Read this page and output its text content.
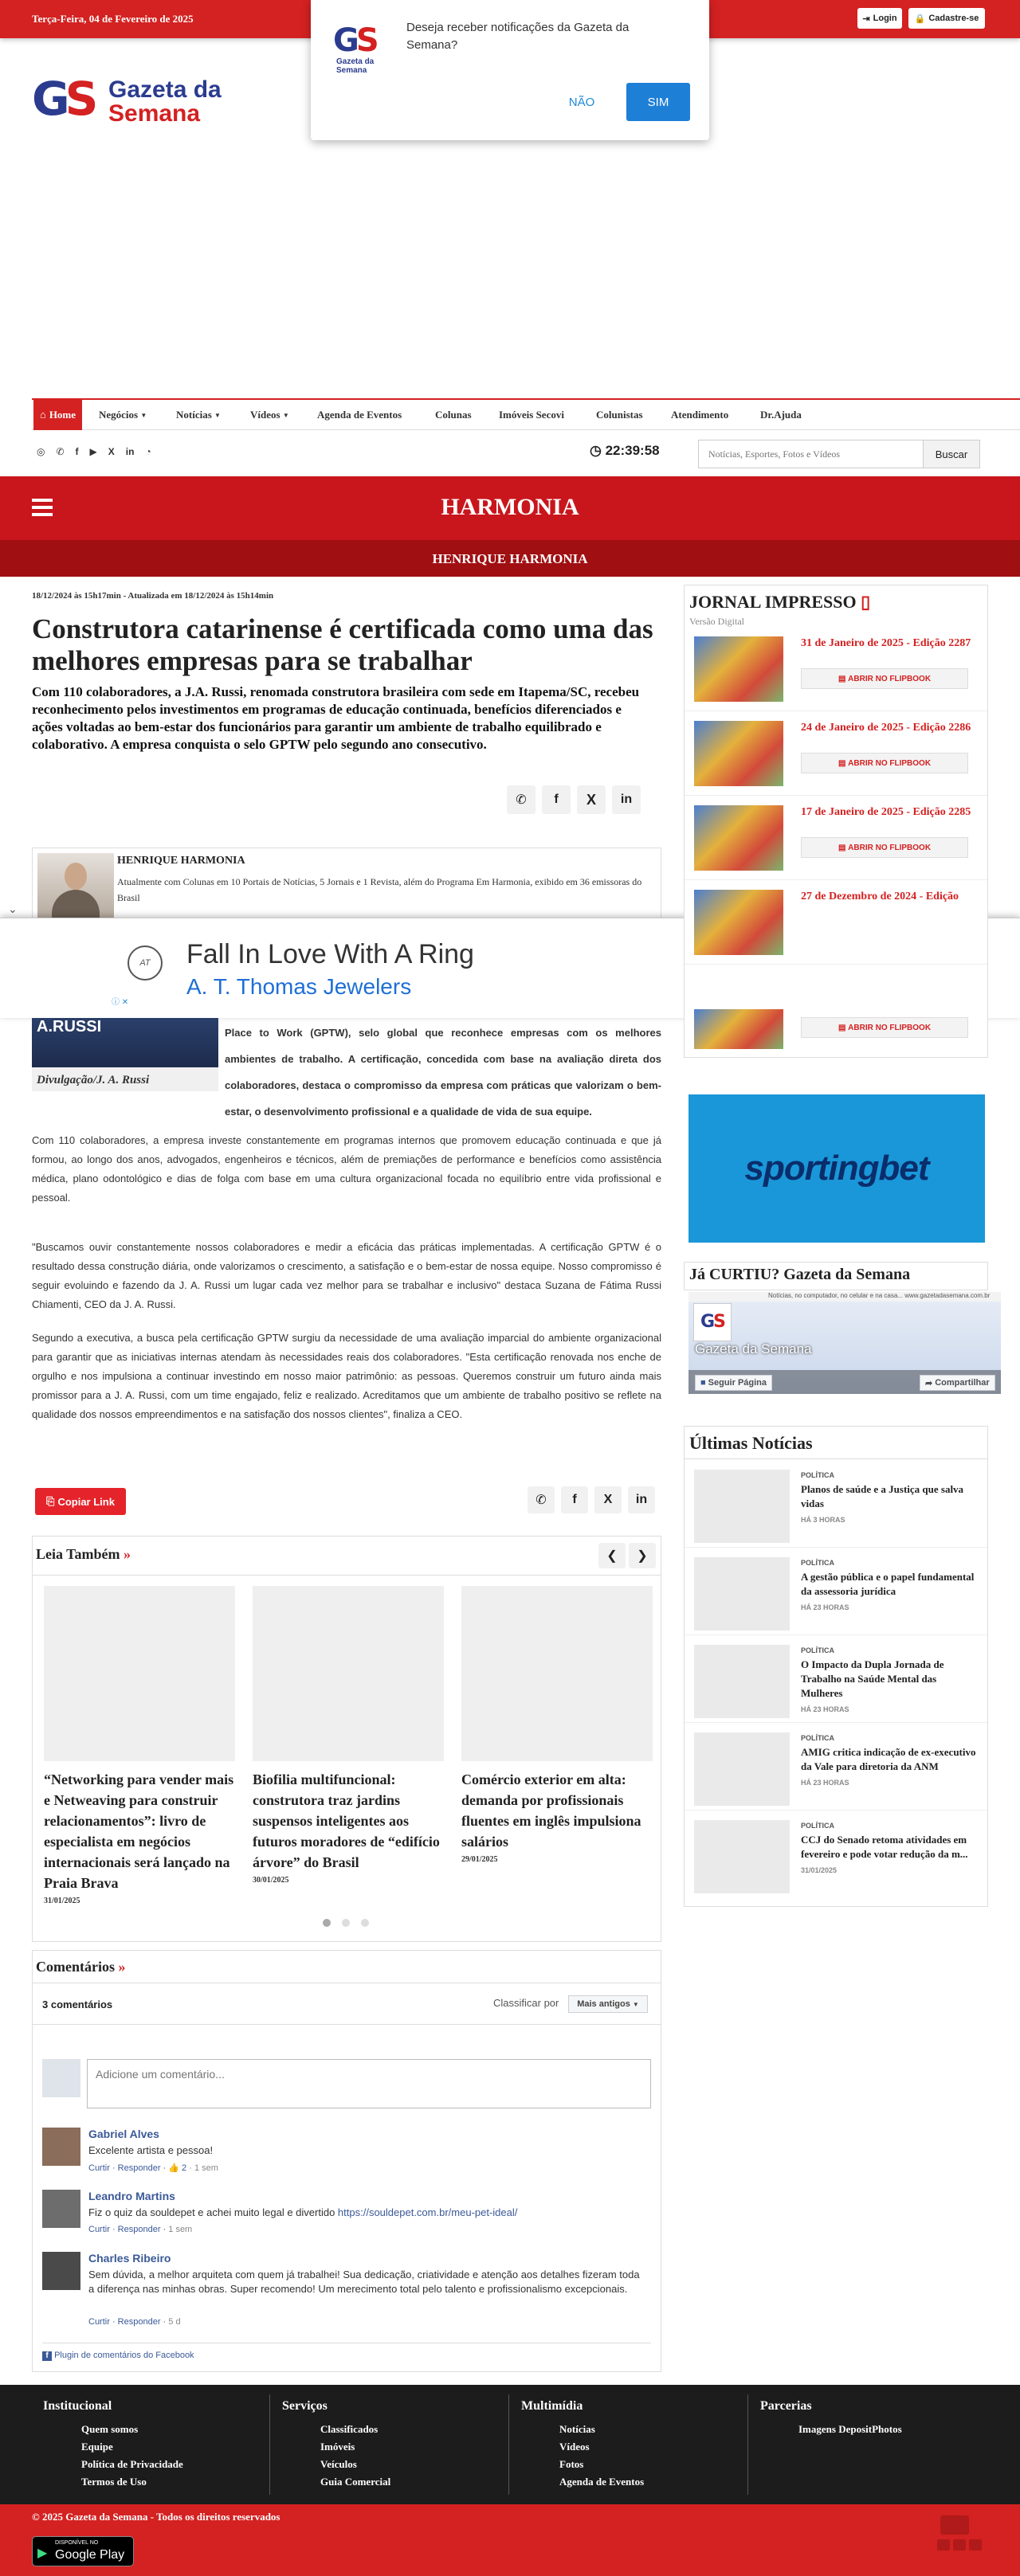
Terça-Feira, 04 de Fevereiro de 2025	⇥ Login 🔒 Cadastre-se
GS Gazeta da
Semana
GS
Gazeta da Semana
Deseja receber notificações da Gazeta da Semana?
NÃO	SIM
⌂ Home Negócios
▼	Notícias
▼	Vídeos
▼	Agenda de Eventos	Colunas	Imóveis Secovi	Colunistas	Atendimento	Dr.Ajuda
◎ ✆ f ▶ X in ◔	◷ 22:39:58
Notícias, Esportes, Fotos e Vídeos	Buscar
HARMONIA
HENRIQUE HARMONIA
18/12/2024 às 15h17min - Atualizada em 18/12/2024 às 15h14min
Construtora catarinense é certificada como uma das melhores empresas para se trabalhar
Com 110 colaboradores, a J.A. Russi, renomada construtora brasileira com sede em Itapema/SC, recebeu reconhecimento pelos investimentos em programas de educação continuada, benefícios diferenciados e ações voltadas ao bem-estar dos funcionários para garantir um ambiente de trabalho equilibrado e colaborativo. A empresa conquista o selo GPTW pelo segundo ano consecutivo.
✆ f X in
HENRIQUE HARMONIA
Atualmente com Colunas em 10 Portais de Notícias, 5 Jornais e 1 Revista, além do Programa Em Harmonia, exibido em 36 emissoras do Brasil
⌄
AT	Fall In Love With A Ring
A. T. Thomas Jewelers
ⓘ ✕
A.RUSSI
Divulgação/J. A. Russi
Place to Work (GPTW), selo global que reconhece empresas com os melhores ambientes de trabalho. A certificação, concedida com base na avaliação direta dos colaboradores, destaca o compromisso da empresa com práticas que valorizam o bem-estar, o desenvolvimento profissional e a qualidade de vida de sua equipe.

Com 110 colaboradores, a empresa investe constantemente em programas internos que promovem educação continuada e que já formou, ao longo dos anos, advogados, engenheiros e técnicos, além de premiações de performance e benefícios como assistência médica, plano odontológico e dias de folga com base em uma cultura organizacional focada no equilíbrio entre vida profissional e pessoal.

"Buscamos ouvir constantemente nossos colaboradores e medir a eficácia das práticas implementadas. A certificação GPTW é o resultado dessa construção diária, onde valorizamos o crescimento, a satisfação e o bem-estar de nossa equipe. Nosso compromisso é seguir evoluindo e fazendo da J. A. Russi um lugar cada vez melhor para se trabalhar e inclusivo" destaca Suzana de Fátima Russi Chiamenti, CEO da J. A. Russi.

Segundo a executiva, a busca pela certificação GPTW surgiu da necessidade de uma avaliação imparcial do ambiente organizacional para garantir que as iniciativas internas atendam às necessidades reais dos colaboradores. "Esta certificação renovada nos enche de orgulho e nos impulsiona a continuar investindo em nosso maior patrimônio: as pessoas. Queremos construir um futuro ainda mais promissor para a J. A. Russi, com um time engajado, feliz e realizado. Acreditamos que um ambiente de trabalho positivo se reflete na qualidade dos nossos empreendimentos e na satisfação dos nossos clientes", finaliza a CEO.

⎘ Copiar Link	✆ f X in
Leia Também »	❮	❯
“Networking para vender mais e Netweaving para construir relacionamentos”: livro de especialista em negócios internacionais será lançado na Praia Brava
31/01/2025
Biofilia multifuncional: construtora traz jardins suspensos inteligentes aos futuros moradores de “edifício árvore” do Brasil
30/01/2025
Comércio exterior em alta: demanda por profissionais fluentes em inglês impulsiona salários
29/01/2025
Comentários »
3 comentários	Classificar por Mais antigos
▼
Adicione um comentário...
Gabriel Alves
Excelente artista e pessoa!
Curtir · Responder · 👍 2 · 1 sem
Leandro Martins
Fiz o quiz da souldepet e achei muito legal e divertido https://souldepet.com.br/meu-pet-ideal/
Curtir · Responder · 1 sem
Charles Ribeiro
Sem dúvida, a melhor arquiteta com quem já trabalhei! Sua dedicação, criatividade e atenção aos detalhes fizeram toda a diferença nas minhas obras. Super recomendo! Um merecimento total pelo talento e profissionalismo excepcionais.
Curtir · Responder · 5 d
f Plugin de comentários do Facebook
JORNAL IMPRESSO ▯
Versão Digital
31 de Janeiro de 2025 - Edição 2287
▤
ABRIR NO FLIPBOOK
24 de Janeiro de 2025 - Edição 2286
▤
ABRIR NO FLIPBOOK
17 de Janeiro de 2025 - Edição 2285
▤
ABRIR NO FLIPBOOK
27 de Dezembro de 2024 - Edição
▤
ABRIR NO FLIPBOOK
sportingbet
Já CURTIU? Gazeta da Semana
Notícias, no computador, no celular e na casa... www.gazetadasemana.com.br
GS
Gazeta da Semana
■ Seguir Página	➦ Compartilhar
Últimas Notícias
POLÍTICA
Planos de saúde e a Justiça que salva vidas
HÁ 3 HORAS
POLÍTICA
A gestão pública e o papel fundamental da assessoria jurídica
HÁ 23 HORAS
POLÍTICA
O Impacto da Dupla Jornada de Trabalho na Saúde Mental das Mulheres
HÁ 23 HORAS
POLÍTICA
AMIG critica indicação de ex-executivo da Vale para diretoria da ANM
HÁ 23 HORAS
POLÍTICA
CCJ do Senado retoma atividades em fevereiro e pode votar redução da m...
31/01/2025
Institucional
Quem somos
Equipe
Política de Privacidade
Termos de Uso
Serviços
Classificados
Imóveis
Veículos
Guia Comercial
Multimídia
Notícias
Vídeos
Fotos
Agenda de Eventos
Parcerias
Imagens DepositPhotos
© 2025 Gazeta da Semana - Todos os direitos reservados
▶
DISPONÍVEL NO
Google Play
